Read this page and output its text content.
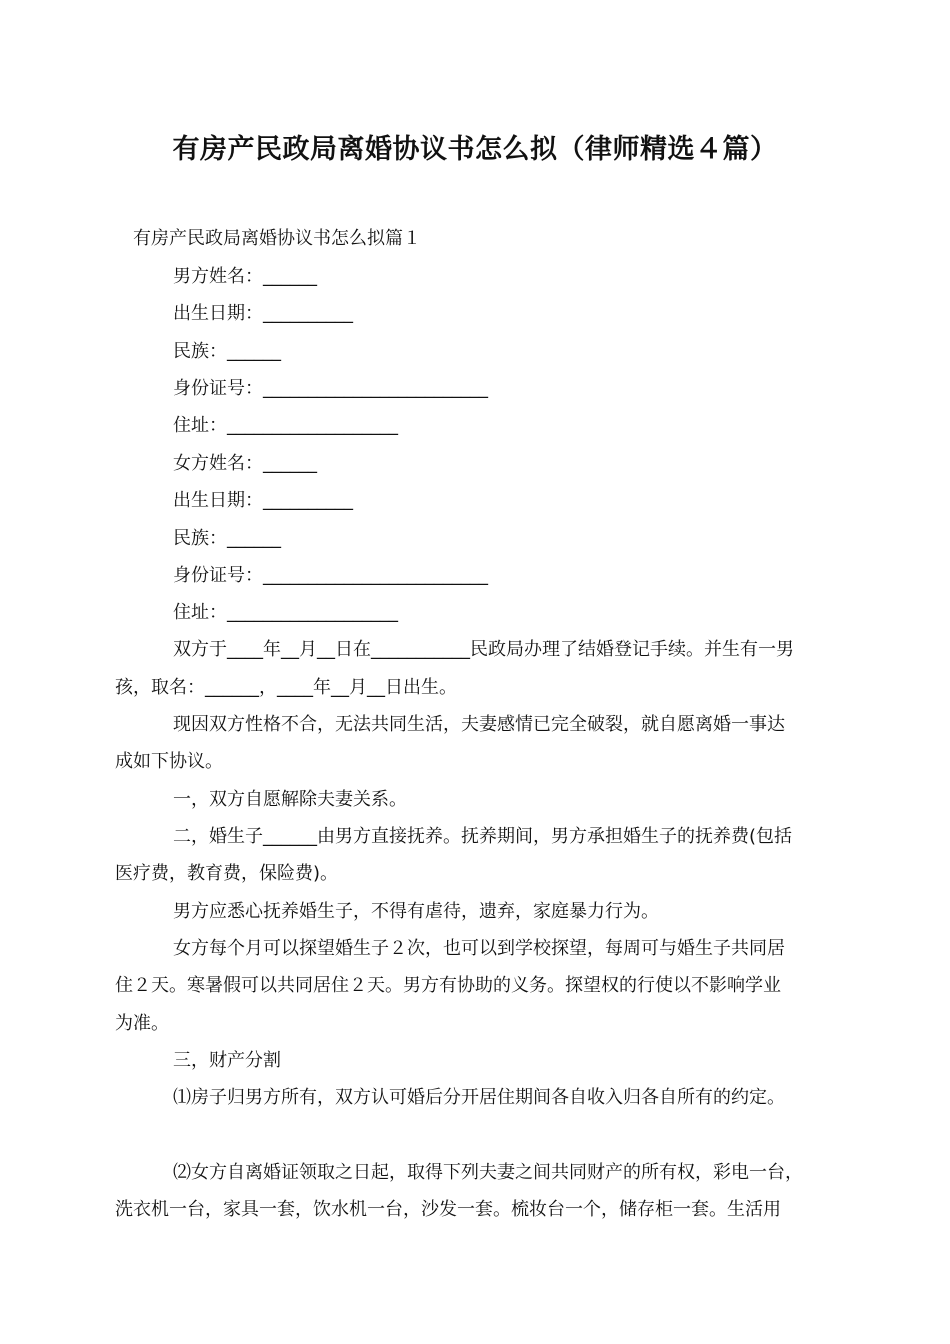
有房产民政局离婚协议书怎么拟（律师精选４篇）

有房产民政局离婚协议书怎么拟篇１

男方姓名：______

出生日期：__________

民族：______

身份证号：_________________________

住址：___________________

女方姓名：______

出生日期：__________

民族：______

身份证号：_________________________

住址：___________________

双方于____年__月__日在___________民政局办理了结婚登记手续。并生有一男

孩，取名：______，____年__月__日出生。

现因双方性格不合，无法共同生活，夫妻感情已完全破裂，就自愿离婚一事达

成如下协议。

一，双方自愿解除夫妻关系。

二，婚生子______由男方直接抚养。抚养期间，男方承担婚生子的抚养费(包括

医疗费，教育费，保险费)。

男方应悉心抚养婚生子，不得有虐待，遗弃，家庭暴力行为。

女方每个月可以探望婚生子２次，也可以到学校探望，每周可与婚生子共同居

住２天。寒暑假可以共同居住２天。男方有协助的义务。探望权的行使以不影响学业

为准。

三，财产分割

⑴房子归男方所有，双方认可婚后分开居住期间各自收入归各自所有的约定。

⑵女方自离婚证领取之日起，取得下列夫妻之间共同财产的所有权，彩电一台，

洗衣机一台，家具一套，饮水机一台，沙发一套。梳妆台一个，储存柜一套。生活用
